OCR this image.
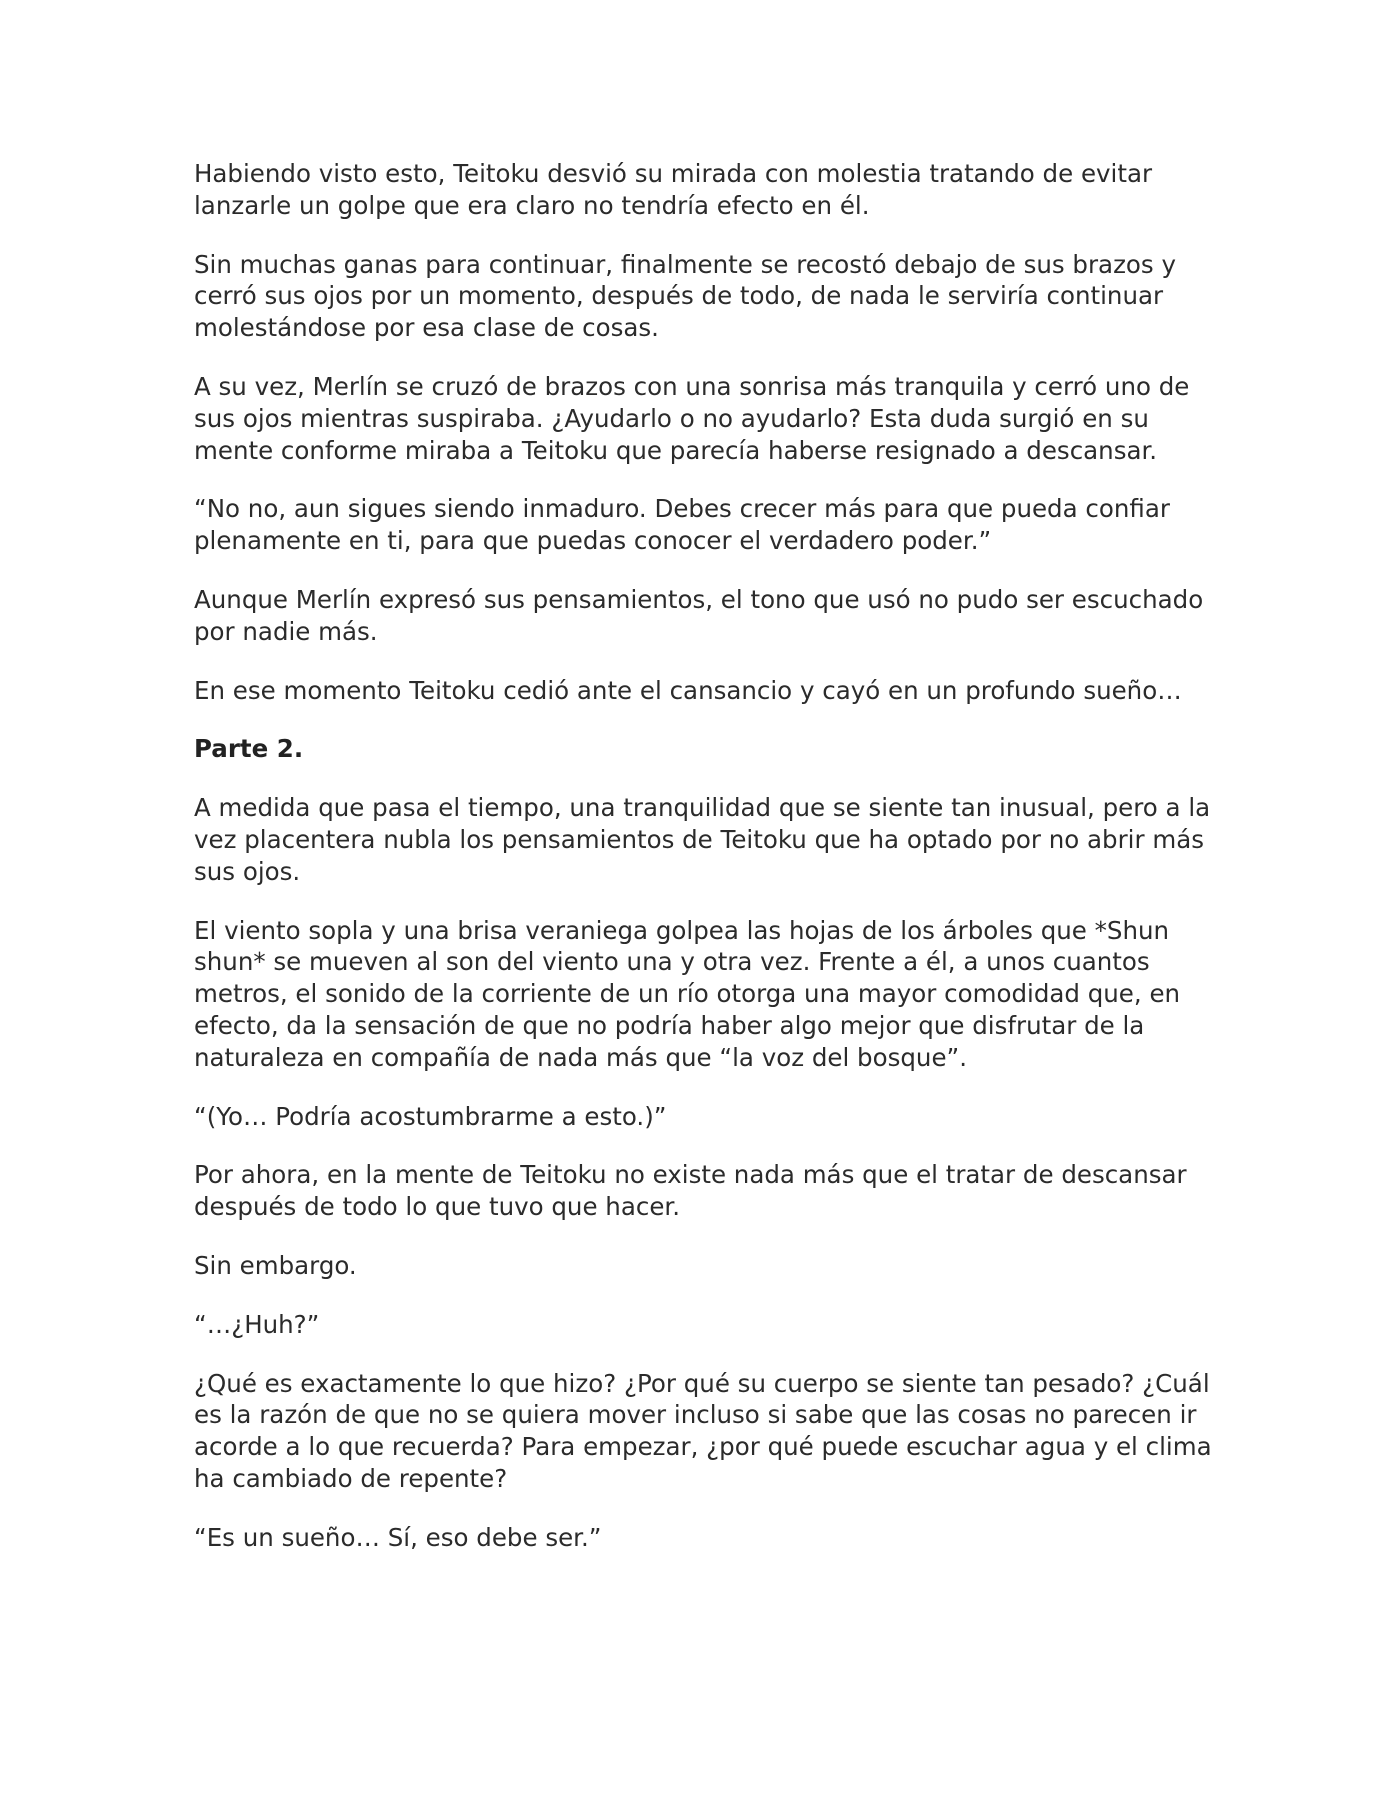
Habiendo visto esto, Teitoku desvió su mirada con molestia tratando de evitar lanzarle un golpe que era claro no tendría efecto en él.

Sin muchas ganas para continuar, finalmente se recostó debajo de sus brazos y cerró sus ojos por un momento, después de todo, de nada le serviría continuar molestándose por esa clase de cosas.

A su vez, Merlín se cruzó de brazos con una sonrisa más tranquila y cerró uno de sus ojos mientras suspiraba. ¿Ayudarlo o no ayudarlo? Esta duda surgió en su mente conforme miraba a Teitoku que parecía haberse resignado a descansar.

“No no, aun sigues siendo inmaduro. Debes crecer más para que pueda confiar plenamente en ti, para que puedas conocer el verdadero poder.”

Aunque Merlín expresó sus pensamientos, el tono que usó no pudo ser escuchado por nadie más.

En ese momento Teitoku cedió ante el cansancio y cayó en un profundo sueño…

Parte 2.

A medida que pasa el tiempo, una tranquilidad que se siente tan inusual, pero a la vez placentera nubla los pensamientos de Teitoku que ha optado por no abrir más sus ojos.

El viento sopla y una brisa veraniega golpea las hojas de los árboles que *Shun shun* se mueven al son del viento una y otra vez. Frente a él, a unos cuantos metros, el sonido de la corriente de un río otorga una mayor comodidad que, en efecto, da la sensación de que no podría haber algo mejor que disfrutar de la naturaleza en compañía de nada más que “la voz del bosque”.

“(Yo… Podría acostumbrarme a esto.)”

Por ahora, en la mente de Teitoku no existe nada más que el tratar de descansar después de todo lo que tuvo que hacer.

Sin embargo.

“…¿Huh?”

¿Qué es exactamente lo que hizo? ¿Por qué su cuerpo se siente tan pesado? ¿Cuál es la razón de que no se quiera mover incluso si sabe que las cosas no parecen ir acorde a lo que recuerda? Para empezar, ¿por qué puede escuchar agua y el clima ha cambiado de repente?

“Es un sueño… Sí, eso debe ser.”
